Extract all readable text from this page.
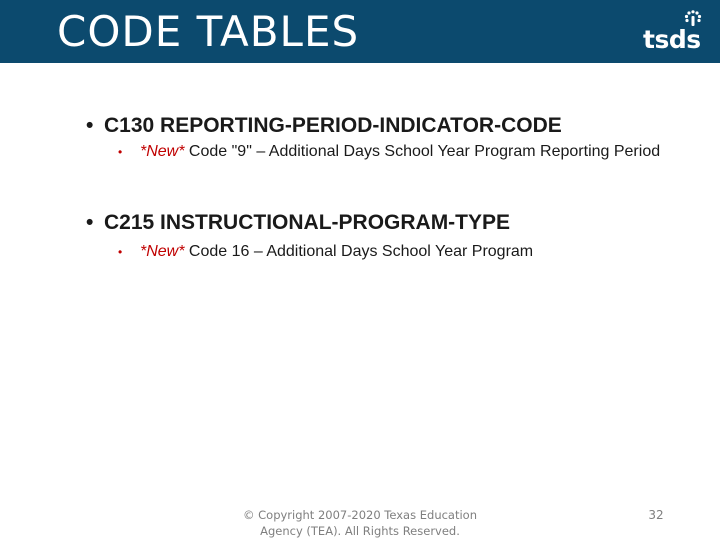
CODE TABLES	tsds
• C130 REPORTING-PERIOD-INDICATOR-CODE
•	*New* Code "9" – Additional Days School Year Program Reporting Period
• C215 INSTRUCTIONAL-PROGRAM-TYPE
•	*New* Code 16 – Additional Days School Year Program
© Copyright 2007-2020 Texas Education
Agency (TEA). All Rights Reserved.
32
